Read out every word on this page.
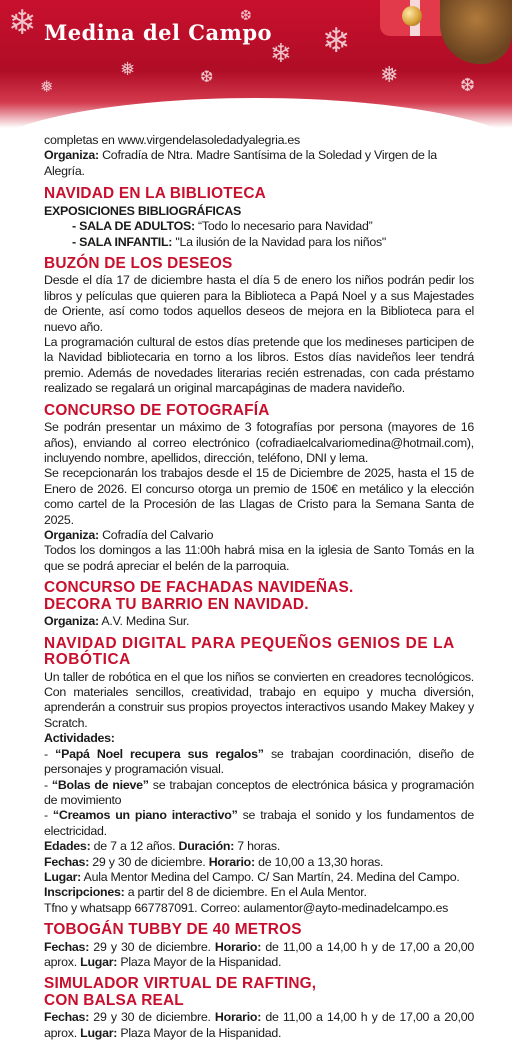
❄
❄ ❄
❅	❆	❅	❆
❅
❆
Medina del Campo

completas en www.virgendelasoledadyalegria.es

Organiza: Cofradía de Ntra. Madre Santísima de la Soledad y Virgen de la Alegría.

NAVIDAD EN LA BIBLIOTECA

EXPOSICIONES BIBLIOGRÁFICAS

- SALA DE ADULTOS: “Todo lo necesario para Navidad”

- SALA INFANTIL: "La ilusión de la Navidad para los niños"

BUZÓN DE LOS DESEOS

Desde el día 17 de diciembre hasta el día 5 de enero los niños podrán pedir los libros y películas que quieren para la Biblioteca a Papá Noel y a sus Majestades de Oriente, así como todos aquellos deseos de mejora en la Biblioteca para el nuevo año.

La programación cultural de estos días pretende que los medineses participen de la Navidad bibliotecaria en torno a los libros. Estos días navideños leer tendrá premio. Además de novedades literarias recién estrenadas, con cada préstamo realizado se regalará un original marcapáginas de madera navideño.

CONCURSO DE FOTOGRAFÍA

Se podrán presentar un máximo de 3 fotografías por persona (mayores de 16 años), enviando al correo electrónico (cofradiaelcalvariomedina@hotmail.com), incluyendo nombre, apellidos, dirección, teléfono, DNI y lema.

Se recepcionarán los trabajos desde el 15 de Diciembre de 2025, hasta el 15 de Enero de 2026. El concurso otorga un premio de 150€ en metálico y la elección como cartel de la Procesión de las Llagas de Cristo para la Semana Santa de 2025.

Organiza: Cofradía del Calvario

Todos los domingos a las 11:00h habrá misa en la iglesia de Santo Tomás en la que se podrá apreciar el belén de la parroquia.

CONCURSO DE FACHADAS NAVIDEÑAS.
DECORA TU BARRIO EN NAVIDAD.

Organiza: A.V. Medina Sur.

NAVIDAD DIGITAL PARA PEQUEÑOS GENIOS DE LA
ROBÓTICA

Un taller de robótica en el que los niños se convierten en creadores tecnológicos. Con materiales sencillos, creatividad, trabajo en equipo y mucha diversión, aprenderán a construir sus propios proyectos interactivos usando Makey Makey y Scratch.

Actividades:

- “Papá Noel recupera sus regalos” se trabajan coordinación, diseño de personajes y programación visual.

- “Bolas de nieve” se trabajan conceptos de electrónica básica y programación de movimiento

- “Creamos un piano interactivo” se trabaja el sonido y los fundamentos de electricidad.

Edades: de 7 a 12 años. Duración: 7 horas.

Fechas: 29 y 30 de diciembre. Horario: de 10,00 a 13,30 horas.

Lugar: Aula Mentor Medina del Campo. C/ San Martín, 24. Medina del Campo.

Inscripciones: a partir del 8 de diciembre. En el Aula Mentor.

Tfno y whatsapp 667787091. Correo: aulamentor@ayto-medinadelcampo.es

TOBOGÁN TUBBY DE 40 METROS

Fechas: 29 y 30 de diciembre. Horario: de 11,00 a 14,00 h y de 17,00 a 20,00 aprox. Lugar: Plaza Mayor de la Hispanidad.

SIMULADOR VIRTUAL DE RAFTING,
CON BALSA REAL

Fechas: 29 y 30 de diciembre. Horario: de 11,00 a 14,00 h y de 17,00 a 20,00 aprox. Lugar: Plaza Mayor de la Hispanidad.
